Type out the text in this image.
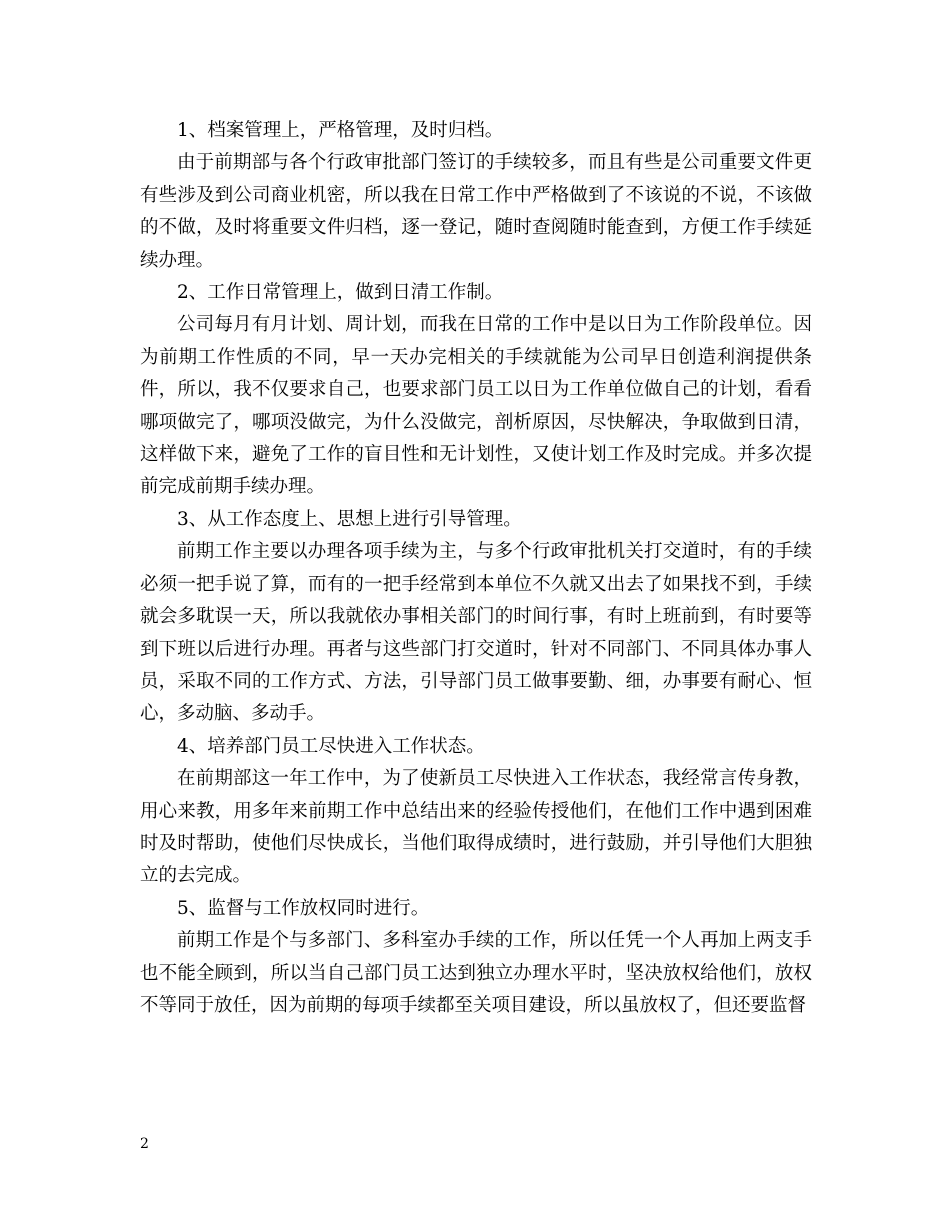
1、档案管理上，严格管理，及时归档。

由于前期部与各个行政审批部门签订的手续较多，而且有些是公司重要文件更有些涉及到公司商业机密，所以我在日常工作中严格做到了不该说的不说，不该做的不做，及时将重要文件归档，逐一登记，随时查阅随时能查到，方便工作手续延续办理。

2、工作日常管理上，做到日清工作制。

公司每月有月计划、周计划，而我在日常的工作中是以日为工作阶段单位。因为前期工作性质的不同，早一天办完相关的手续就能为公司早日创造利润提供条件，所以，我不仅要求自己，也要求部门员工以日为工作单位做自己的计划，看看哪项做完了，哪项没做完，为什么没做完，剖析原因，尽快解决，争取做到日清，这样做下来，避免了工作的盲目性和无计划性，又使计划工作及时完成。并多次提前完成前期手续办理。

3、从工作态度上、思想上进行引导管理。

前期工作主要以办理各项手续为主，与多个行政审批机关打交道时，有的手续必须一把手说了算，而有的一把手经常到本单位不久就又出去了如果找不到，手续就会多耽误一天，所以我就依办事相关部门的时间行事，有时上班前到，有时要等到下班以后进行办理。再者与这些部门打交道时，针对不同部门、不同具体办事人员，采取不同的工作方式、方法，引导部门员工做事要勤、细，办事要有耐心、恒心，多动脑、多动手。

4、培养部门员工尽快进入工作状态。

在前期部这一年工作中，为了使新员工尽快进入工作状态，我经常言传身教，用心来教，用多年来前期工作中总结出来的经验传授他们，在他们工作中遇到困难时及时帮助，使他们尽快成长，当他们取得成绩时，进行鼓励，并引导他们大胆独立的去完成。

5、监督与工作放权同时进行。

前期工作是个与多部门、多科室办手续的工作，所以任凭一个人再加上两支手也不能全顾到，所以当自己部门员工达到独立办理水平时，坚决放权给他们，放权不等同于放任，因为前期的每项手续都至关项目建设，所以虽放权了，但还要监督

2
